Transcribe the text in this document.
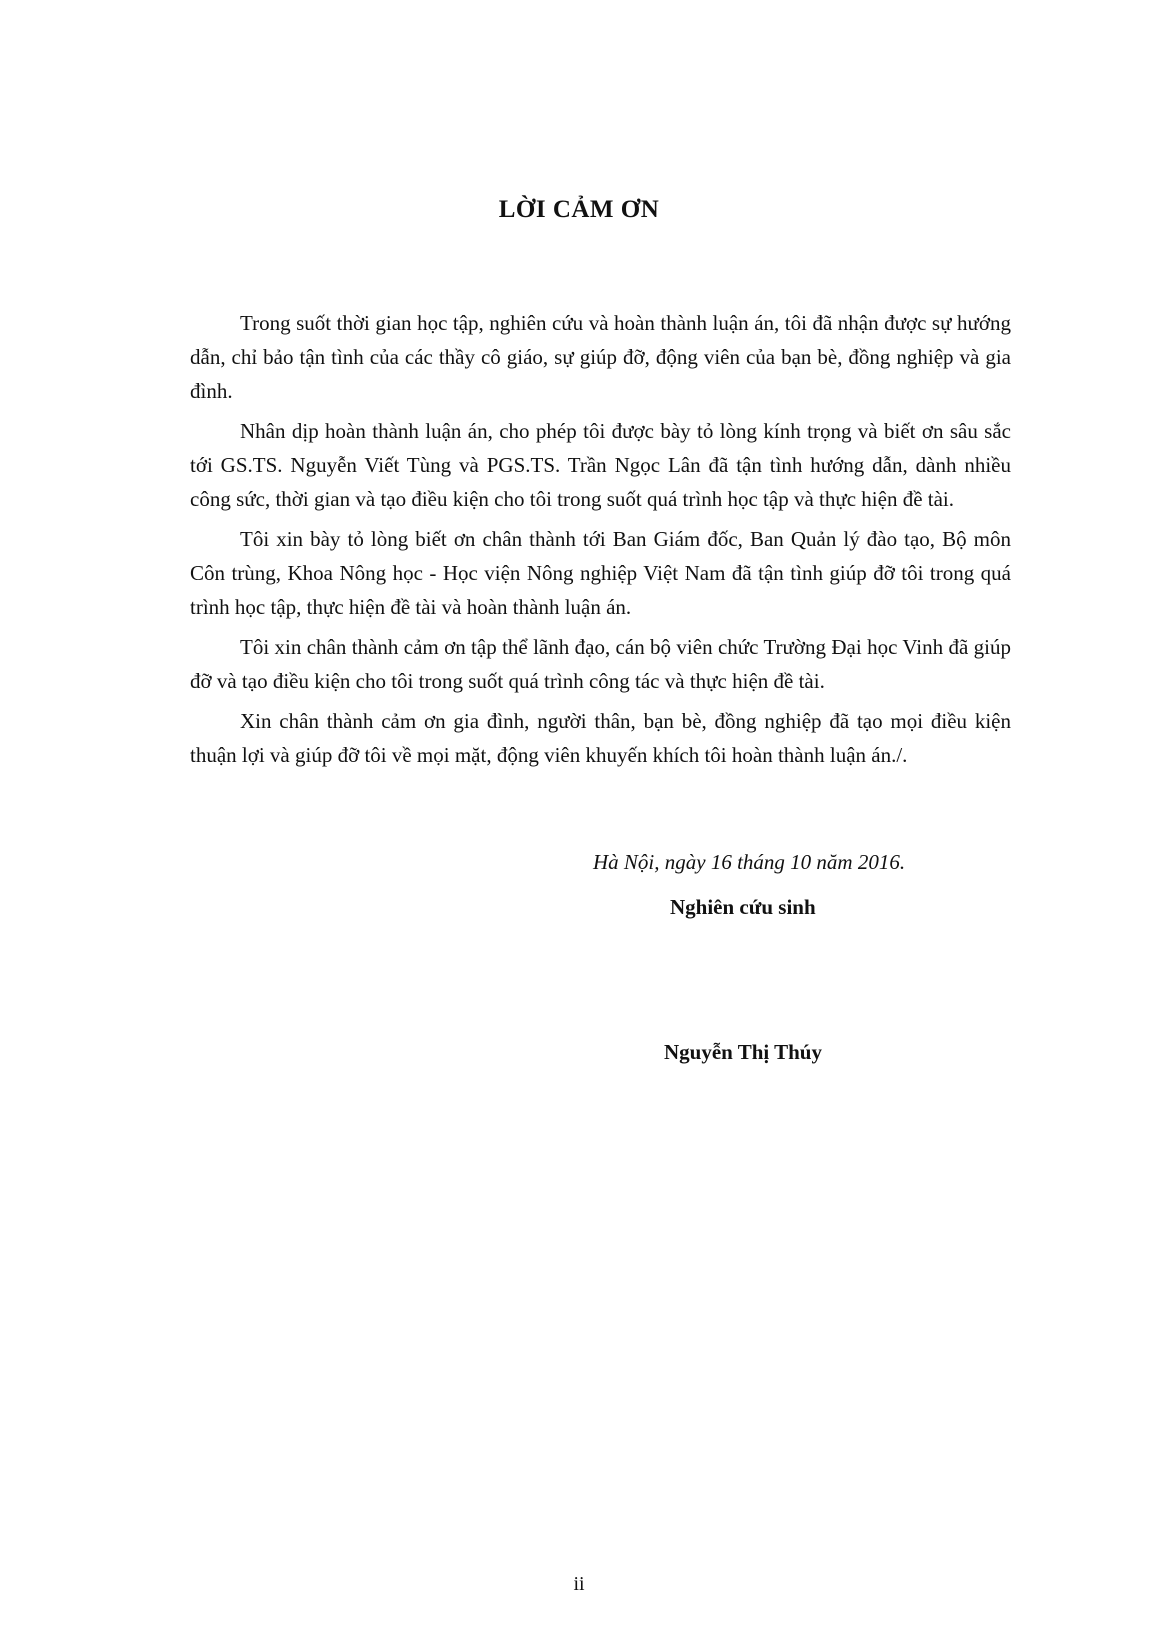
LỜI CẢM ƠN

Trong suốt thời gian học tập, nghiên cứu và hoàn thành luận án, tôi đã nhận được sự hướng dẫn, chỉ bảo tận tình của các thầy cô giáo, sự giúp đỡ, động viên của bạn bè, đồng nghiệp và gia đình.

Nhân dịp hoàn thành luận án, cho phép tôi được bày tỏ lòng kính trọng và biết ơn sâu sắc tới GS.TS. Nguyễn Viết Tùng và PGS.TS. Trần Ngọc Lân đã tận tình hướng dẫn, dành nhiều công sức, thời gian và tạo điều kiện cho tôi trong suốt quá trình học tập và thực hiện đề tài.

Tôi xin bày tỏ lòng biết ơn chân thành tới Ban Giám đốc, Ban Quản lý đào tạo, Bộ môn Côn trùng, Khoa Nông học - Học viện Nông nghiệp Việt Nam đã tận tình giúp đỡ tôi trong quá trình học tập, thực hiện đề tài và hoàn thành luận án.

Tôi xin chân thành cảm ơn tập thể lãnh đạo, cán bộ viên chức Trường Đại học Vinh đã giúp đỡ và tạo điều kiện cho tôi trong suốt quá trình công tác và thực hiện đề tài.

Xin chân thành cảm ơn gia đình, người thân, bạn bè, đồng nghiệp đã tạo mọi điều kiện thuận lợi và giúp đỡ tôi về mọi mặt, động viên khuyến khích tôi hoàn thành luận án./.

Hà Nội, ngày 16 tháng 10 năm 2016.
Nghiên cứu sinh
Nguyễn Thị Thúy
ii
